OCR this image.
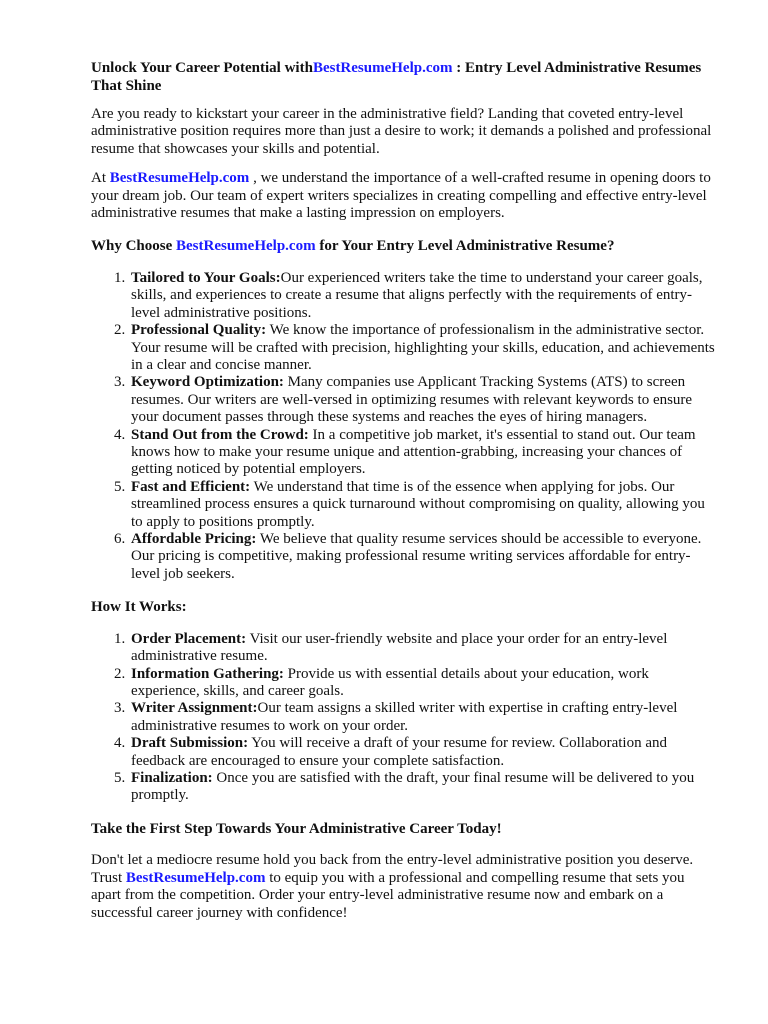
Unlock Your Career Potential withBestResumeHelp.com : Entry Level Administrative Resumes That Shine

Are you ready to kickstart your career in the administrative field? Landing that coveted entry-level administrative position requires more than just a desire to work; it demands a polished and professional resume that showcases your skills and potential.

At BestResumeHelp.com , we understand the importance of a well-crafted resume in opening doors to your dream job. Our team of expert writers specializes in creating compelling and effective entry-level administrative resumes that make a lasting impression on employers.

Why Choose BestResumeHelp.com for Your Entry Level Administrative Resume?
1. Tailored to Your Goals:Our experienced writers take the time to understand your career goals, skills, and experiences to create a resume that aligns perfectly with the requirements of entry-level administrative positions.
2. Professional Quality: We know the importance of professionalism in the administrative sector. Your resume will be crafted with precision, highlighting your skills, education, and achievements in a clear and concise manner.
3. Keyword Optimization: Many companies use Applicant Tracking Systems (ATS) to screen resumes. Our writers are well-versed in optimizing resumes with relevant keywords to ensure your document passes through these systems and reaches the eyes of hiring managers.
4. Stand Out from the Crowd: In a competitive job market, it's essential to stand out. Our team knows how to make your resume unique and attention-grabbing, increasing your chances of getting noticed by potential employers.
5. Fast and Efficient: We understand that time is of the essence when applying for jobs. Our streamlined process ensures a quick turnaround without compromising on quality, allowing you to apply to positions promptly.
6. Affordable Pricing: We believe that quality resume services should be accessible to everyone. Our pricing is competitive, making professional resume writing services affordable for entry-level job seekers.
How It Works:
1. Order Placement: Visit our user-friendly website and place your order for an entry-level administrative resume.
2. Information Gathering: Provide us with essential details about your education, work experience, skills, and career goals.
3. Writer Assignment:Our team assigns a skilled writer with expertise in crafting entry-level administrative resumes to work on your order.
4. Draft Submission: You will receive a draft of your resume for review. Collaboration and feedback are encouraged to ensure your complete satisfaction.
5. Finalization: Once you are satisfied with the draft, your final resume will be delivered to you promptly.
Take the First Step Towards Your Administrative Career Today!

Don't let a mediocre resume hold you back from the entry-level administrative position you deserve. Trust BestResumeHelp.com to equip you with a professional and compelling resume that sets you apart from the competition. Order your entry-level administrative resume now and embark on a successful career journey with confidence!
